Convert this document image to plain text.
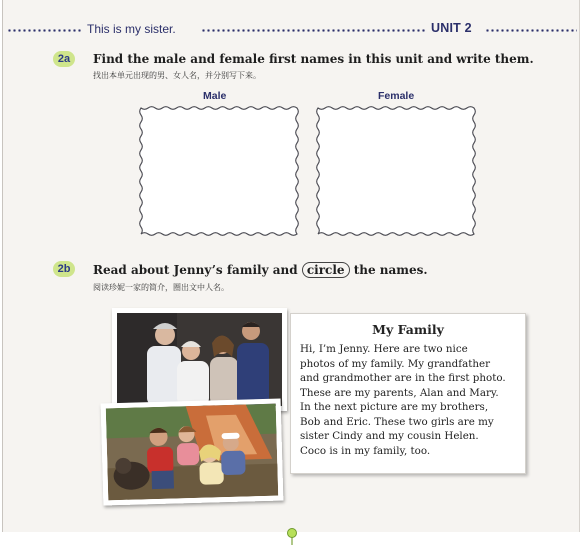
This is my sister.	UNIT 2
2a	Find the male and female first names in this unit and write them.
找出本单元出现的男、女人名，并分别写下来。
Male	Female
2b	Read about Jenny’s family and circle the names.
阅读珍妮一家的简介，圈出文中人名。
My Family
Hi, I’m Jenny. Here are two nice
photos of my family. My grandfather
and grandmother are in the first photo.
These are my parents, Alan and Mary.
In the next picture are my brothers,
Bob and Eric. These two girls are my
sister Cindy and my cousin Helen.
Coco is in my family, too.
